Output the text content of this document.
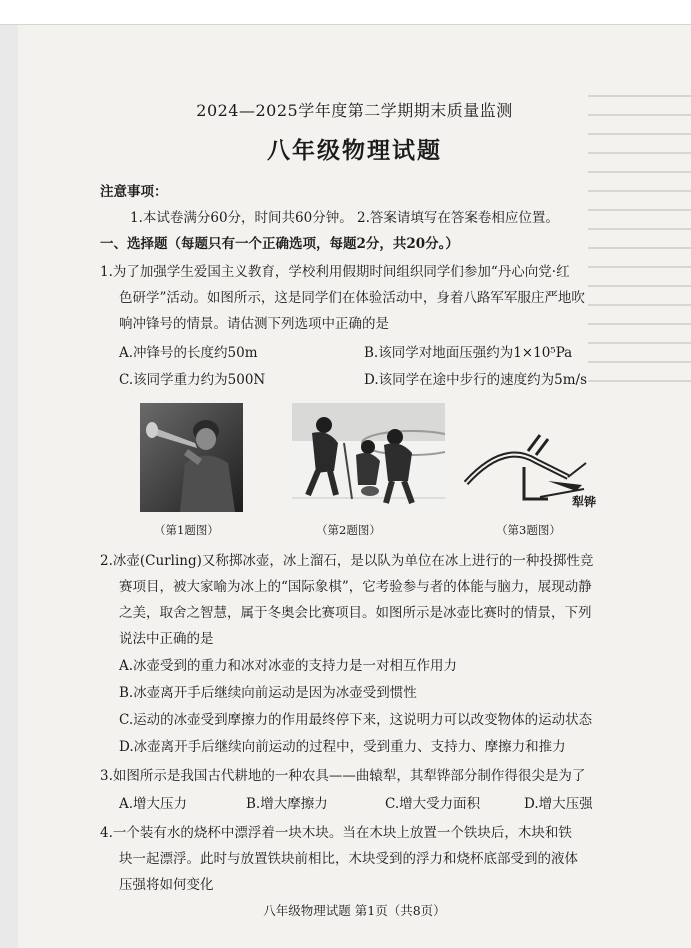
2024—2025学年度第二学期期末质量监测
八年级物理试题
注意事项：
1.本试卷满分60分，时间共60分钟。 2.答案请填写在答案卷相应位置。
一、选择题（每题只有一个正确选项，每题2分，共20分。）
1.为了加强学生爱国主义教育，学校利用假期时间组织同学们参加“丹心向党·红
色研学”活动。如图所示，这是同学们在体验活动中，身着八路军军服庄严地吹
响冲锋号的情景。请估测下列选项中正确的是
A.冲锋号的长度约50m	B.该同学对地面压强约为1×10⁵Pa
C.该同学重力约为500N	D.该同学在途中步行的速度约为5m/s
犁铧
（第1题图）	（第2题图）	（第3题图）
2.冰壶(Curling)又称掷冰壶，冰上溜石，是以队为单位在冰上进行的一种投掷性竞
赛项目，被大家喻为冰上的“国际象棋”，它考验参与者的体能与脑力，展现动静
之美，取舍之智慧，属于冬奥会比赛项目。如图所示是冰壶比赛时的情景，下列
说法中正确的是
A.冰壶受到的重力和冰对冰壶的支持力是一对相互作用力
B.冰壶离开手后继续向前运动是因为冰壶受到惯性
C.运动的冰壶受到摩擦力的作用最终停下来，这说明力可以改变物体的运动状态
D.冰壶离开手后继续向前运动的过程中，受到重力、支持力、摩擦力和推力
3.如图所示是我国古代耕地的一种农具——曲辕犁，其犁铧部分制作得很尖是为了
A.增大压力	B.增大摩擦力	C.增大受力面积	D.增大压强
4.一个装有水的烧杯中漂浮着一块木块。当在木块上放置一个铁块后，木块和铁
块一起漂浮。此时与放置铁块前相比，木块受到的浮力和烧杯底部受到的液体
压强将如何变化
八年级物理试题 第1页（共8页）
